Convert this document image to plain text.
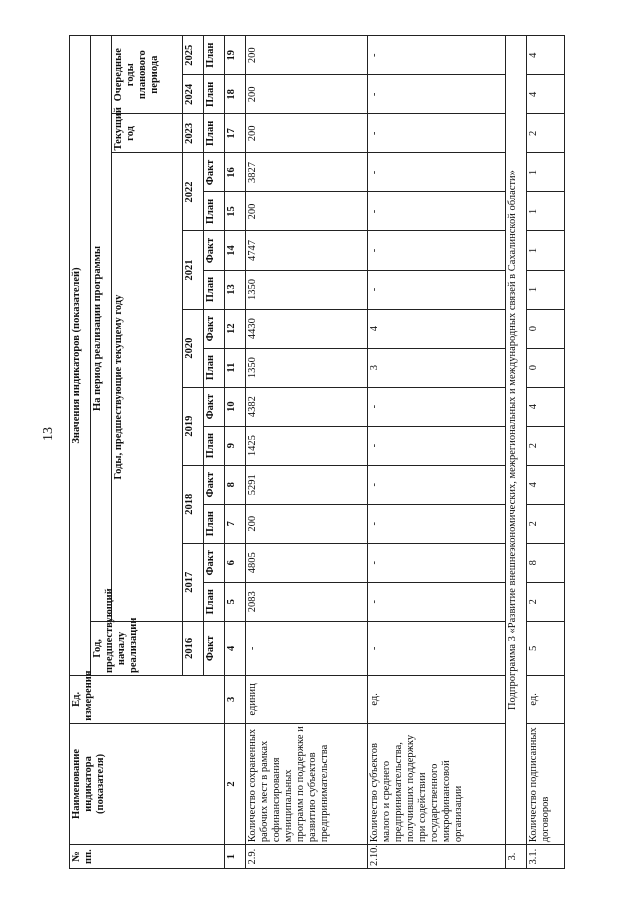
13
№ пп.	Наименование индикатора (показателя)	Ед. измерения	Значения индикаторов (показателей)															
			Год, предшествующий началу реализации	На период реализации программы														
				Годы, предшествующие текущему году												Текущий год	Очередные годы планового периода	
			2016	2017		2018		2019		2020		2021		2022		2023	2024	2025
			Факт	План	Факт	План	Факт	План	Факт	План	Факт	План	Факт	План	Факт	План	План	План
1	2	3	4	5	6	7	8	9	10	11	12	13	14	15	16	17	18	19
2.9.	Количество сохраненных рабочих мест в рамках софинансирования муниципальных программ по поддержке и развитию субъектов предпринимательства	единиц	-	2083	4805	200	5291	1425	4382	1350	4430	1350	4747	200	3827	200	200	200
2.10.	Количество субъектов малого и среднего предпринимательства, получивших поддержку при содействии государственного микрофинансовой организации	ед.	-	-	-	-	-	-	-	3	4	-	-	-	-	-	-	-
3.	Подпрограмма 3 «Развитие внешнеэкономических, межрегиональных и международных связей в Сахалинской области»																	
3.1.	Количество подписанных договоров	ед.	5	2	8	2	4	2	4	0	0	1	1	1	1	2	4	4
